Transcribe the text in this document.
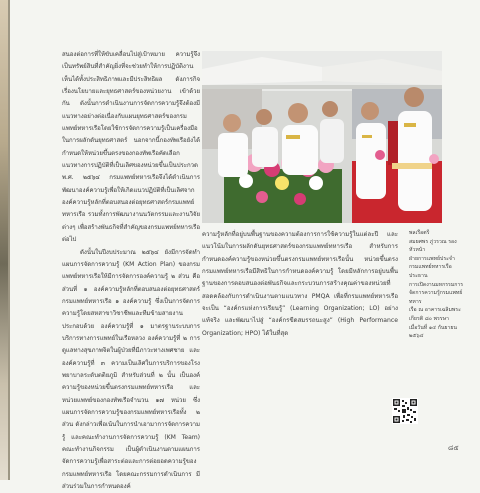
สนองต่อการที่ให้ขับเคลื่อนไปสู่เป้าหมาย ความรู้จึงเป็นทรัพย์สินที่สำคัญยิ่งที่จะช่วยทำให้การปฏิบัติงานเห็นได้ทั้งประสิทธิภาพและมีประสิทธิผล ดังภารกิจเรื่องนโยบายและยุทธศาสตร์ของหน่วยงาน เข้าด้วยกัน ดังนั้นการดำเนินงานการจัดการความรู้จึงต้องมีแนวทางอย่างต่อเนื่องกับแผนยุทธศาสตร์ของกรมแพทย์ทหารเรือโดยใช้การจัดการความรู้เป็นเครื่องมือในการผลักดันยุทธศาสตร์ นอกจากนี้กองทัพเรือยังได้กำหนดให้หน่วยขึ้นตรงของกองทัพเรือคัดเลือกแนวทางการปฏิบัติที่เป็นเลิศของหน่วยขึ้นเป็นประกวด พ.ศ. ๒๕๖๔ กรมแพทย์ทหารเรือจึงได้ดำเนินการพัฒนาองค์ความรู้เพื่อให้เกิดแนวปฏิบัติที่เป็นเลิศจากองค์ความรู้หลักที่ตอบสนองต่อยุทธศาสตร์กรมแพทย์ทหารเรือ รวมทั้งการพัฒนางานนวัตกรรมและงานวิจัยต่างๆ เพื่อสร้างพันธกิจที่สำคัญของกรมแพทย์ทหารเรือต่อไป

ดังนั้นในปีงบประมาณ ๒๕๖๔ ยังมีการจัดทำแผนการจัดการความรู้ (KM Action Plan) ของกรมแพทย์ทหารเรือให้มีการจัดการองค์ความรู้ ๒ ส่วน คือ ส่วนที่ ๑ องค์ความรู้หลักที่ตอบสนองต่อยุทธศาสตร์กรมแพทย์ทหารเรือ ๑ องค์ความรู้ ซึ่งเป็นการจัดการความรู้โดยสหสาขาวิชาชีพและทีมข้ามสายงาน ประกอบด้วย องค์ความรู้ที่ ๑ มาตรฐานระบบการบริการทางการแพทย์ในเรือหลวง องค์ความรู้ที่ ๒ การดูแลทางสุขภาพจิตในผู้ป่วยที่มีภาวะทางเพศชาย และองค์ความรู้ที่ ๓ ความเป็นเลิศในการบริการของโรงพยาบาลระดับตติยภูมิ สำหรับส่วนที่ ๒ นั้น เป็นองค์ความรู้ของหน่วยขึ้นตรงกรมแพทย์ทหารเรือ และหน่วยแพทย์ของกองทัพเรือจำนวน ๑๗ หน่วย ซึ่งแผนการจัดการความรู้ของกรมแพทย์ทหารเรือทั้ง ๒ ส่วน ดังกล่าวเพื่อเน้นในการนำเอามาการจัดการความรู้ และคณะทำงานการจัดการความรู้ (KM Team) คณะทำงานกิจกรรม เป็นผู้ดำเนินงานตามแผนการจัดการความรู้เพื่อสาระต่อและการต่อยอดความรู้ของกรมแพทย์ทหารเรือ โดยคณะกรรมการดำเนินการ มีส่วนร่วมในการกำหนดองค์

ความรู้หลักที่อยู่บนพื้นฐานของความต้องการการใช้ความรู้ในแต่ละปี และแนวโน้มในการผลักดันยุทธศาสตร์ของกรมแพทย์ทหารเรือ สำหรับการกำหนดองค์ความรู้ของหน่วยขึ้นตรงกรมแพทย์ทหารเรือนั้น หน่วยขึ้นตรงกรมแพทย์ทหารเรือมีสิทธิในการกำหนดองค์ความรู้ โดยมีหลักการอยู่บนพื้นฐานของการตอบสนองต่อพันธกิจและกระบวนการสร้างคุณค่าของหน่วยที่สอดคล้องกับการดำเนินงานตามแนวทาง PMQA เพื่อที่กรมแพทย์ทหารเรือจะเป็น “องค์กรแห่งการเรียนรู้” (Learning Organization; LO) อย่างแท้จริง และพัฒนาไปสู่ “องค์กรขีดสมรรถนะสูง” (High Performance Organization; HPO) ได้ในที่สุด

พลเรือตรี
สมยศพร ภู่วรวณ รองหัวหน้า
ฝ่ายการแพทย์ประจำ
กรมแพทย์ทหารเรือ ประธาน
การเปิดงานมหกรรมการ
จัดการความรู้กรมแพทย์ทหาร
เรือ ณ อาคารเฉลิมพระ
เกียรติ ๘๐ พรรษา
เมื่อวันที่ ๑๔ กันยายน ๒๕๖๔
๘๕
